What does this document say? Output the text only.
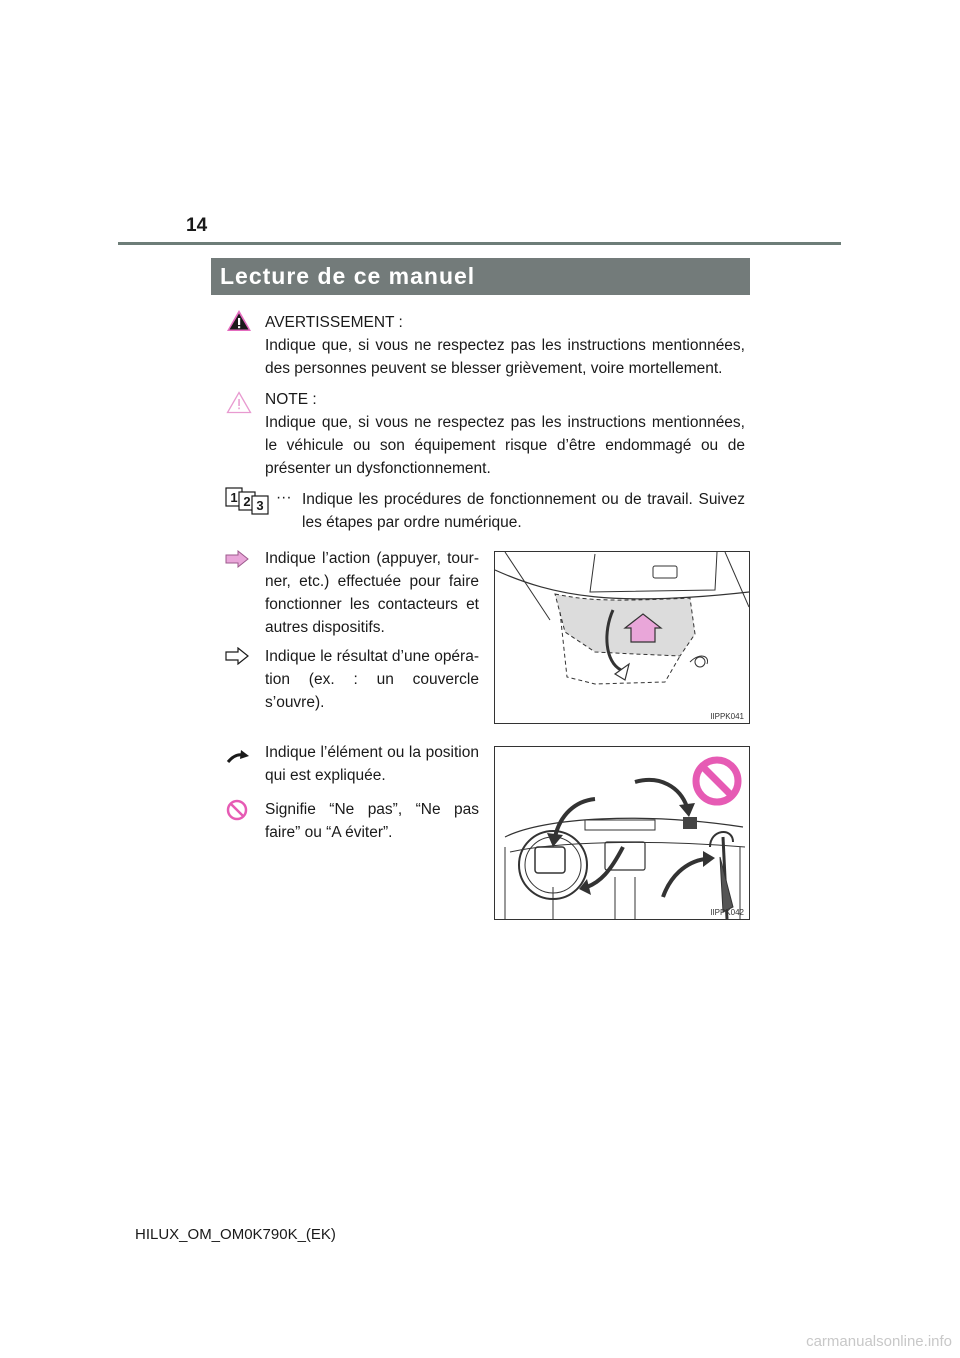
14
Lecture de ce manuel
AVERTISSEMENT :
Indique que, si vous ne respectez pas les instructions mentionnées, des personnes peuvent se blesser grièvement, voire mortellement.
NOTE :
Indique que, si vous ne respectez pas les instructions mentionnées, le véhicule ou son équipement risque d’être endommagé ou de présenter un dysfonctionnement.
1 2 3 ··· Indique les procédures de fonctionnement ou de travail. Suivez les étapes par ordre numérique.
Indique l’action (appuyer, tour-ner, etc.) effectuée pour faire fonctionner les contacteurs et autres dispositifs.
Indique le résultat d’une opéra-tion (ex. : un couvercle s’ouvre).
IIPPK041
Indique l’élément ou la position qui est expliquée.
Signifie “Ne pas”, “Ne pas faire” ou “A éviter”.
IIPPK042
HILUX_OM_OM0K790K_(EK)
carmanualsonline.info
